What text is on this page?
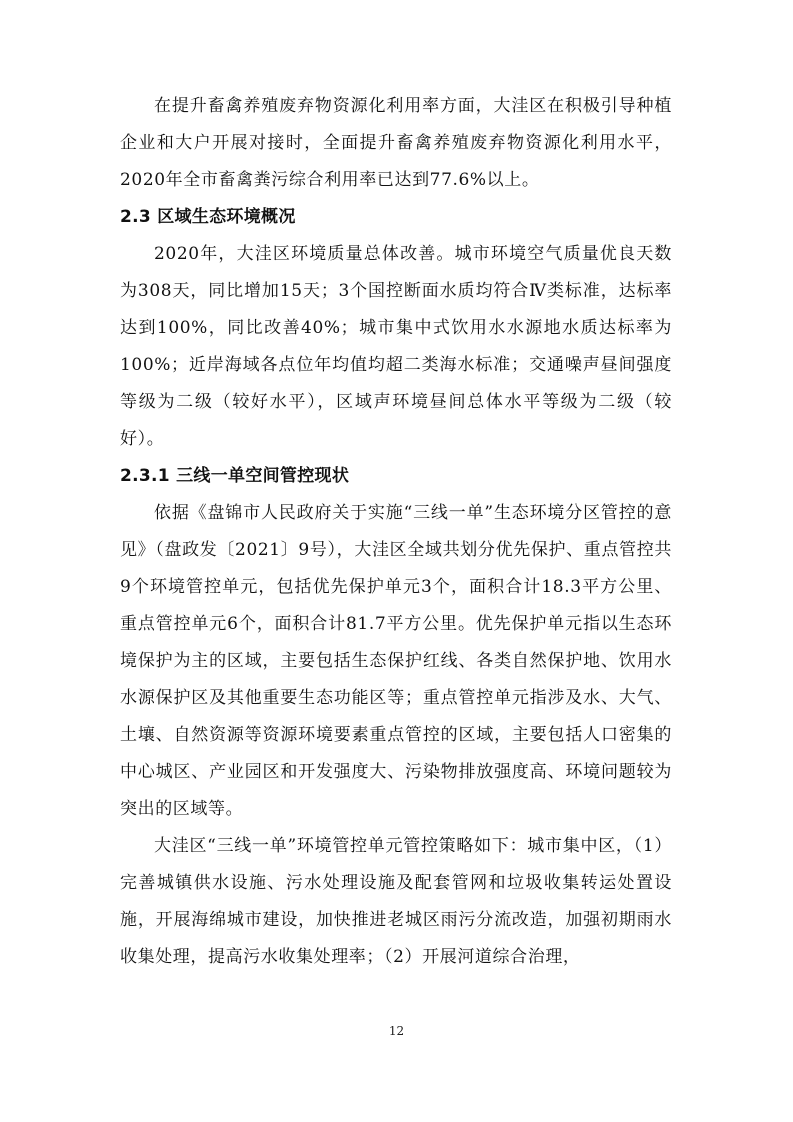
在提升畜禽养殖废弃物资源化利用率方面，大洼区在积极引导种植企业和大户开展对接时，全面提升畜禽养殖废弃物资源化利用水平，2020年全市畜禽粪污综合利用率已达到77.6%以上。

2.3 区域生态环境概况

2020年，大洼区环境质量总体改善。城市环境空气质量优良天数为308天，同比增加15天；3个国控断面水质均符合Ⅳ类标准，达标率达到100%，同比改善40%；城市集中式饮用水水源地水质达标率为100%；近岸海域各点位年均值均超二类海水标准；交通噪声昼间强度等级为二级（较好水平），区域声环境昼间总体水平等级为二级（较好）。

2.3.1 三线一单空间管控现状

依据《盘锦市人民政府关于实施“三线一单”生态环境分区管控的意见》（盘政发〔2021〕9号），大洼区全域共划分优先保护、重点管控共9个环境管控单元，包括优先保护单元3个，面积合计18.3平方公里、重点管控单元6个，面积合计81.7平方公里。优先保护单元指以生态环境保护为主的区域，主要包括生态保护红线、各类自然保护地、饮用水水源保护区及其他重要生态功能区等；重点管控单元指涉及水、大气、土壤、自然资源等资源环境要素重点管控的区域，主要包括人口密集的中心城区、产业园区和开发强度大、污染物排放强度高、环境问题较为突出的区域等。

大洼区“三线一单”环境管控单元管控策略如下：城市集中区，（1）完善城镇供水设施、污水处理设施及配套管网和垃圾收集转运处置设施，开展海绵城市建设，加快推进老城区雨污分流改造，加强初期雨水收集处理，提高污水收集处理率；（2）开展河道综合治理，

12
